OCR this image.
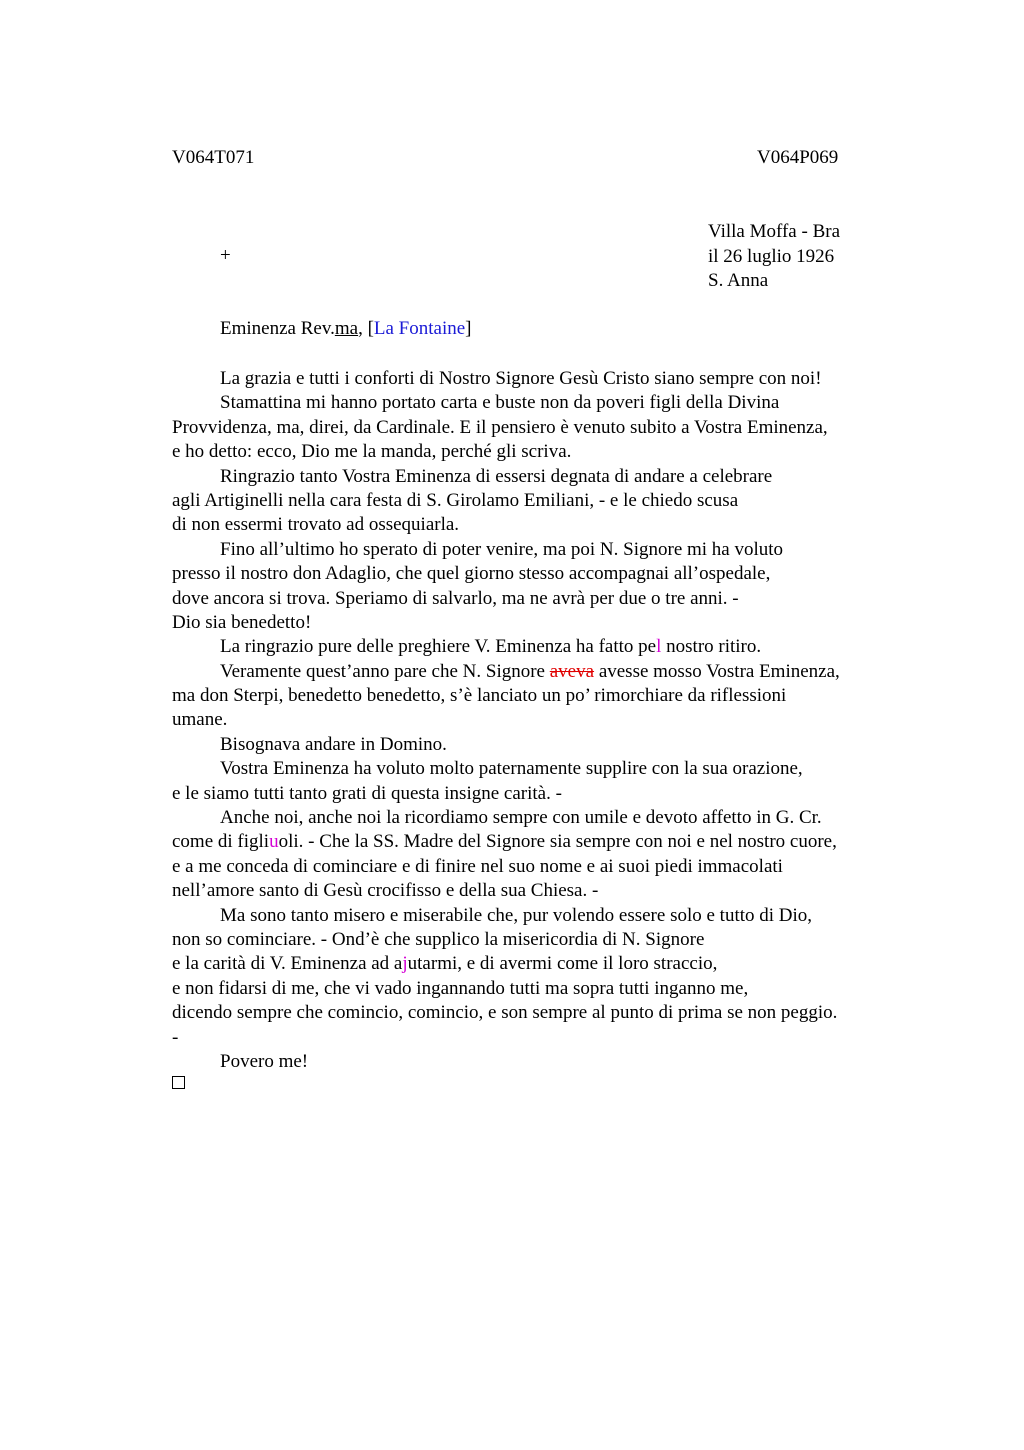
V064T071	V064P069
+
Villa Moffa - Bra
il 26 luglio 1926
S. Anna
Eminenza Rev.ma, [La Fontaine]
La grazia e tutti i conforti di Nostro Signore Gesù Cristo siano sempre con noi!
Stamattina mi hanno portato carta e buste non da poveri figli della Divina
Provvidenza, ma, direi, da Cardinale. E il pensiero è venuto subito a Vostra Eminenza,
e ho detto: ecco, Dio me la manda, perché gli scriva.
Ringrazio tanto Vostra Eminenza di essersi degnata di andare a celebrare
agli Artiginelli nella cara festa di S. Girolamo Emiliani, - e le chiedo scusa
di non essermi trovato ad ossequiarla.
Fino all’ultimo ho sperato di poter venire, ma poi N. Signore mi ha voluto
presso il nostro don Adaglio, che quel giorno stesso accompagnai all’ospedale,
dove ancora si trova. Speriamo di salvarlo, ma ne avrà per due o tre anni. -
Dio sia benedetto!
La ringrazio pure delle preghiere V. Eminenza ha fatto pel nostro ritiro.
Veramente quest’anno pare che N. Signore aveva avesse mosso Vostra Eminenza,
ma don Sterpi, benedetto benedetto, s’è lanciato un po’ rimorchiare da riflessioni
umane.
Bisognava andare in Domino.
Vostra Eminenza ha voluto molto paternamente supplire con la sua orazione,
e le siamo tutti tanto grati di questa insigne carità. -
Anche noi, anche noi la ricordiamo sempre con umile e devoto affetto in G. Cr.
come di figliuoli. - Che la SS. Madre del Signore sia sempre con noi e nel nostro cuore,
e a me conceda di cominciare e di finire nel suo nome e ai suoi piedi immacolati
nell’amore santo di Gesù crocifisso e della sua Chiesa. -
Ma sono tanto misero e miserabile che, pur volendo essere solo e tutto di Dio,
non so cominciare. - Ond’è che supplico la misericordia di N. Signore
e la carità di V. Eminenza ad ajutarmi, e di avermi come il loro straccio,
e non fidarsi di me, che vi vado ingannando tutti ma sopra tutti inganno me,
dicendo sempre che comincio, comincio, e son sempre al punto di prima se non peggio.
-
Povero me!
